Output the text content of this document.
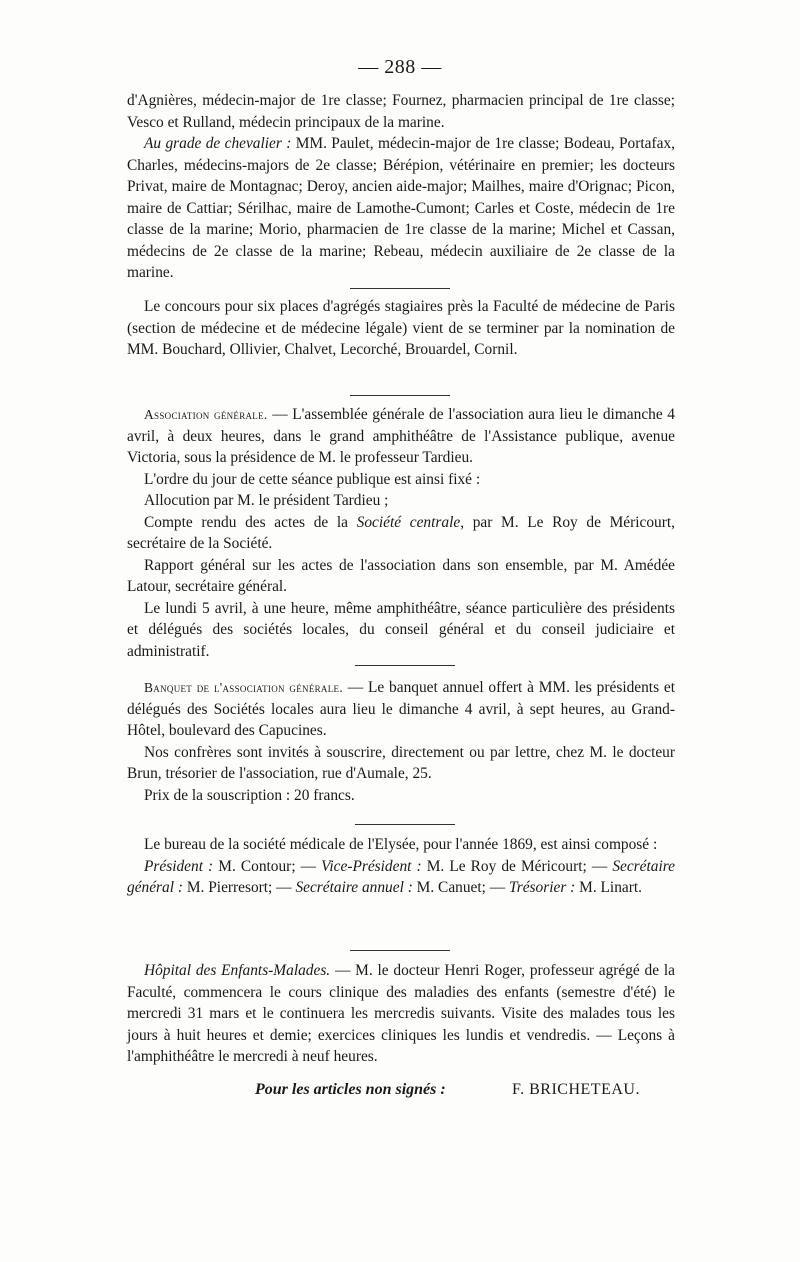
— 288 —

d'Agnières, médecin-major de 1re classe; Fournez, pharmacien principal de 1re classe; Vesco et Rulland, médecin principaux de la marine.

Au grade de chevalier : MM. Paulet, médecin-major de 1re classe; Bodeau, Portafax, Charles, médecins-majors de 2e classe; Bérépion, vétérinaire en premier; les docteurs Privat, maire de Montagnac; Deroy, ancien aide-major; Mailhes, maire d'Orignac; Picon, maire de Cattiar; Sérilhac, maire de Lamothe-Cumont; Carles et Coste, médecin de 1re classe de la marine; Morio, pharmacien de 1re classe de la marine; Michel et Cassan, médecins de 2e classe de la marine; Rebeau, médecin auxiliaire de 2e classe de la marine.

Le concours pour six places d'agrégés stagiaires près la Faculté de médecine de Paris (section de médecine et de médecine légale) vient de se terminer par la nomination de MM. Bouchard, Ollivier, Chalvet, Lecorché, Brouardel, Cornil.

Association générale. — L'assemblée générale de l'association aura lieu le dimanche 4 avril, à deux heures, dans le grand amphithéâtre de l'Assistance publique, avenue Victoria, sous la présidence de M. le professeur Tardieu.

L'ordre du jour de cette séance publique est ainsi fixé :

Allocution par M. le président Tardieu ;

Compte rendu des actes de la Société centrale, par M. Le Roy de Méricourt, secrétaire de la Société.

Rapport général sur les actes de l'association dans son ensemble, par M. Amédée Latour, secrétaire général.

Le lundi 5 avril, à une heure, même amphithéâtre, séance particulière des présidents et délégués des sociétés locales, du conseil général et du conseil judiciaire et administratif.

Banquet de l'association générale. — Le banquet annuel offert à MM. les présidents et délégués des Sociétés locales aura lieu le dimanche 4 avril, à sept heures, au Grand-Hôtel, boulevard des Capucines.

Nos confrères sont invités à souscrire, directement ou par lettre, chez M. le docteur Brun, trésorier de l'association, rue d'Aumale, 25.

Prix de la souscription : 20 francs.

Le bureau de la société médicale de l'Elysée, pour l'année 1869, est ainsi composé :

Président : M. Contour; — Vice-Président : M. Le Roy de Méricourt; — Secrétaire général : M. Pierresort; — Secrétaire annuel : M. Canuet; — Trésorier : M. Linart.

Hôpital des Enfants-Malades. — M. le docteur Henri Roger, professeur agrégé de la Faculté, commencera le cours clinique des maladies des enfants (semestre d'été) le mercredi 31 mars et le continuera les mercredis suivants. Visite des malades tous les jours à huit heures et demie; exercices cliniques les lundis et vendredis. — Leçons à l'amphithéâtre le mercredi à neuf heures.

Pour les articles non signés :	F. BRICHETEAU.
